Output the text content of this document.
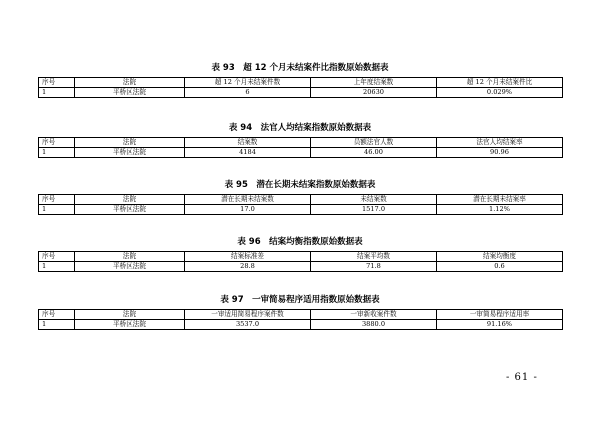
表 93　超 12 个月未结案件比指数原始数据表
序号	法院	超 12 个月未结案件数	上年度结案数	超 12 个月未结案件比
1	平桥区法院	6	20630	0.029%
表 94　法官人均结案指数原始数据表
序号	法院	结案数	员额法官人数	法官人均结案率
1	平桥区法院	4184	46.00	90.96
表 95　潜在长期未结案指数原始数据表
序号	法院	潜在长期未结案数	未结案数	潜在长期未结案率
1	平桥区法院	17.0	1517.0	1.12%
表 96　结案均衡指数原始数据表
序号	法院	结案标准差	结案平均数	结案均衡度
1	平桥区法院	28.8	71.8	0.6
表 97　一审简易程序适用指数原始数据表
序号	法院	一审适用简易程序案件数	一审新收案件数	一审简易程序适用率
1	平桥区法院	3537.0	3880.0	91.16%
- 61 -
